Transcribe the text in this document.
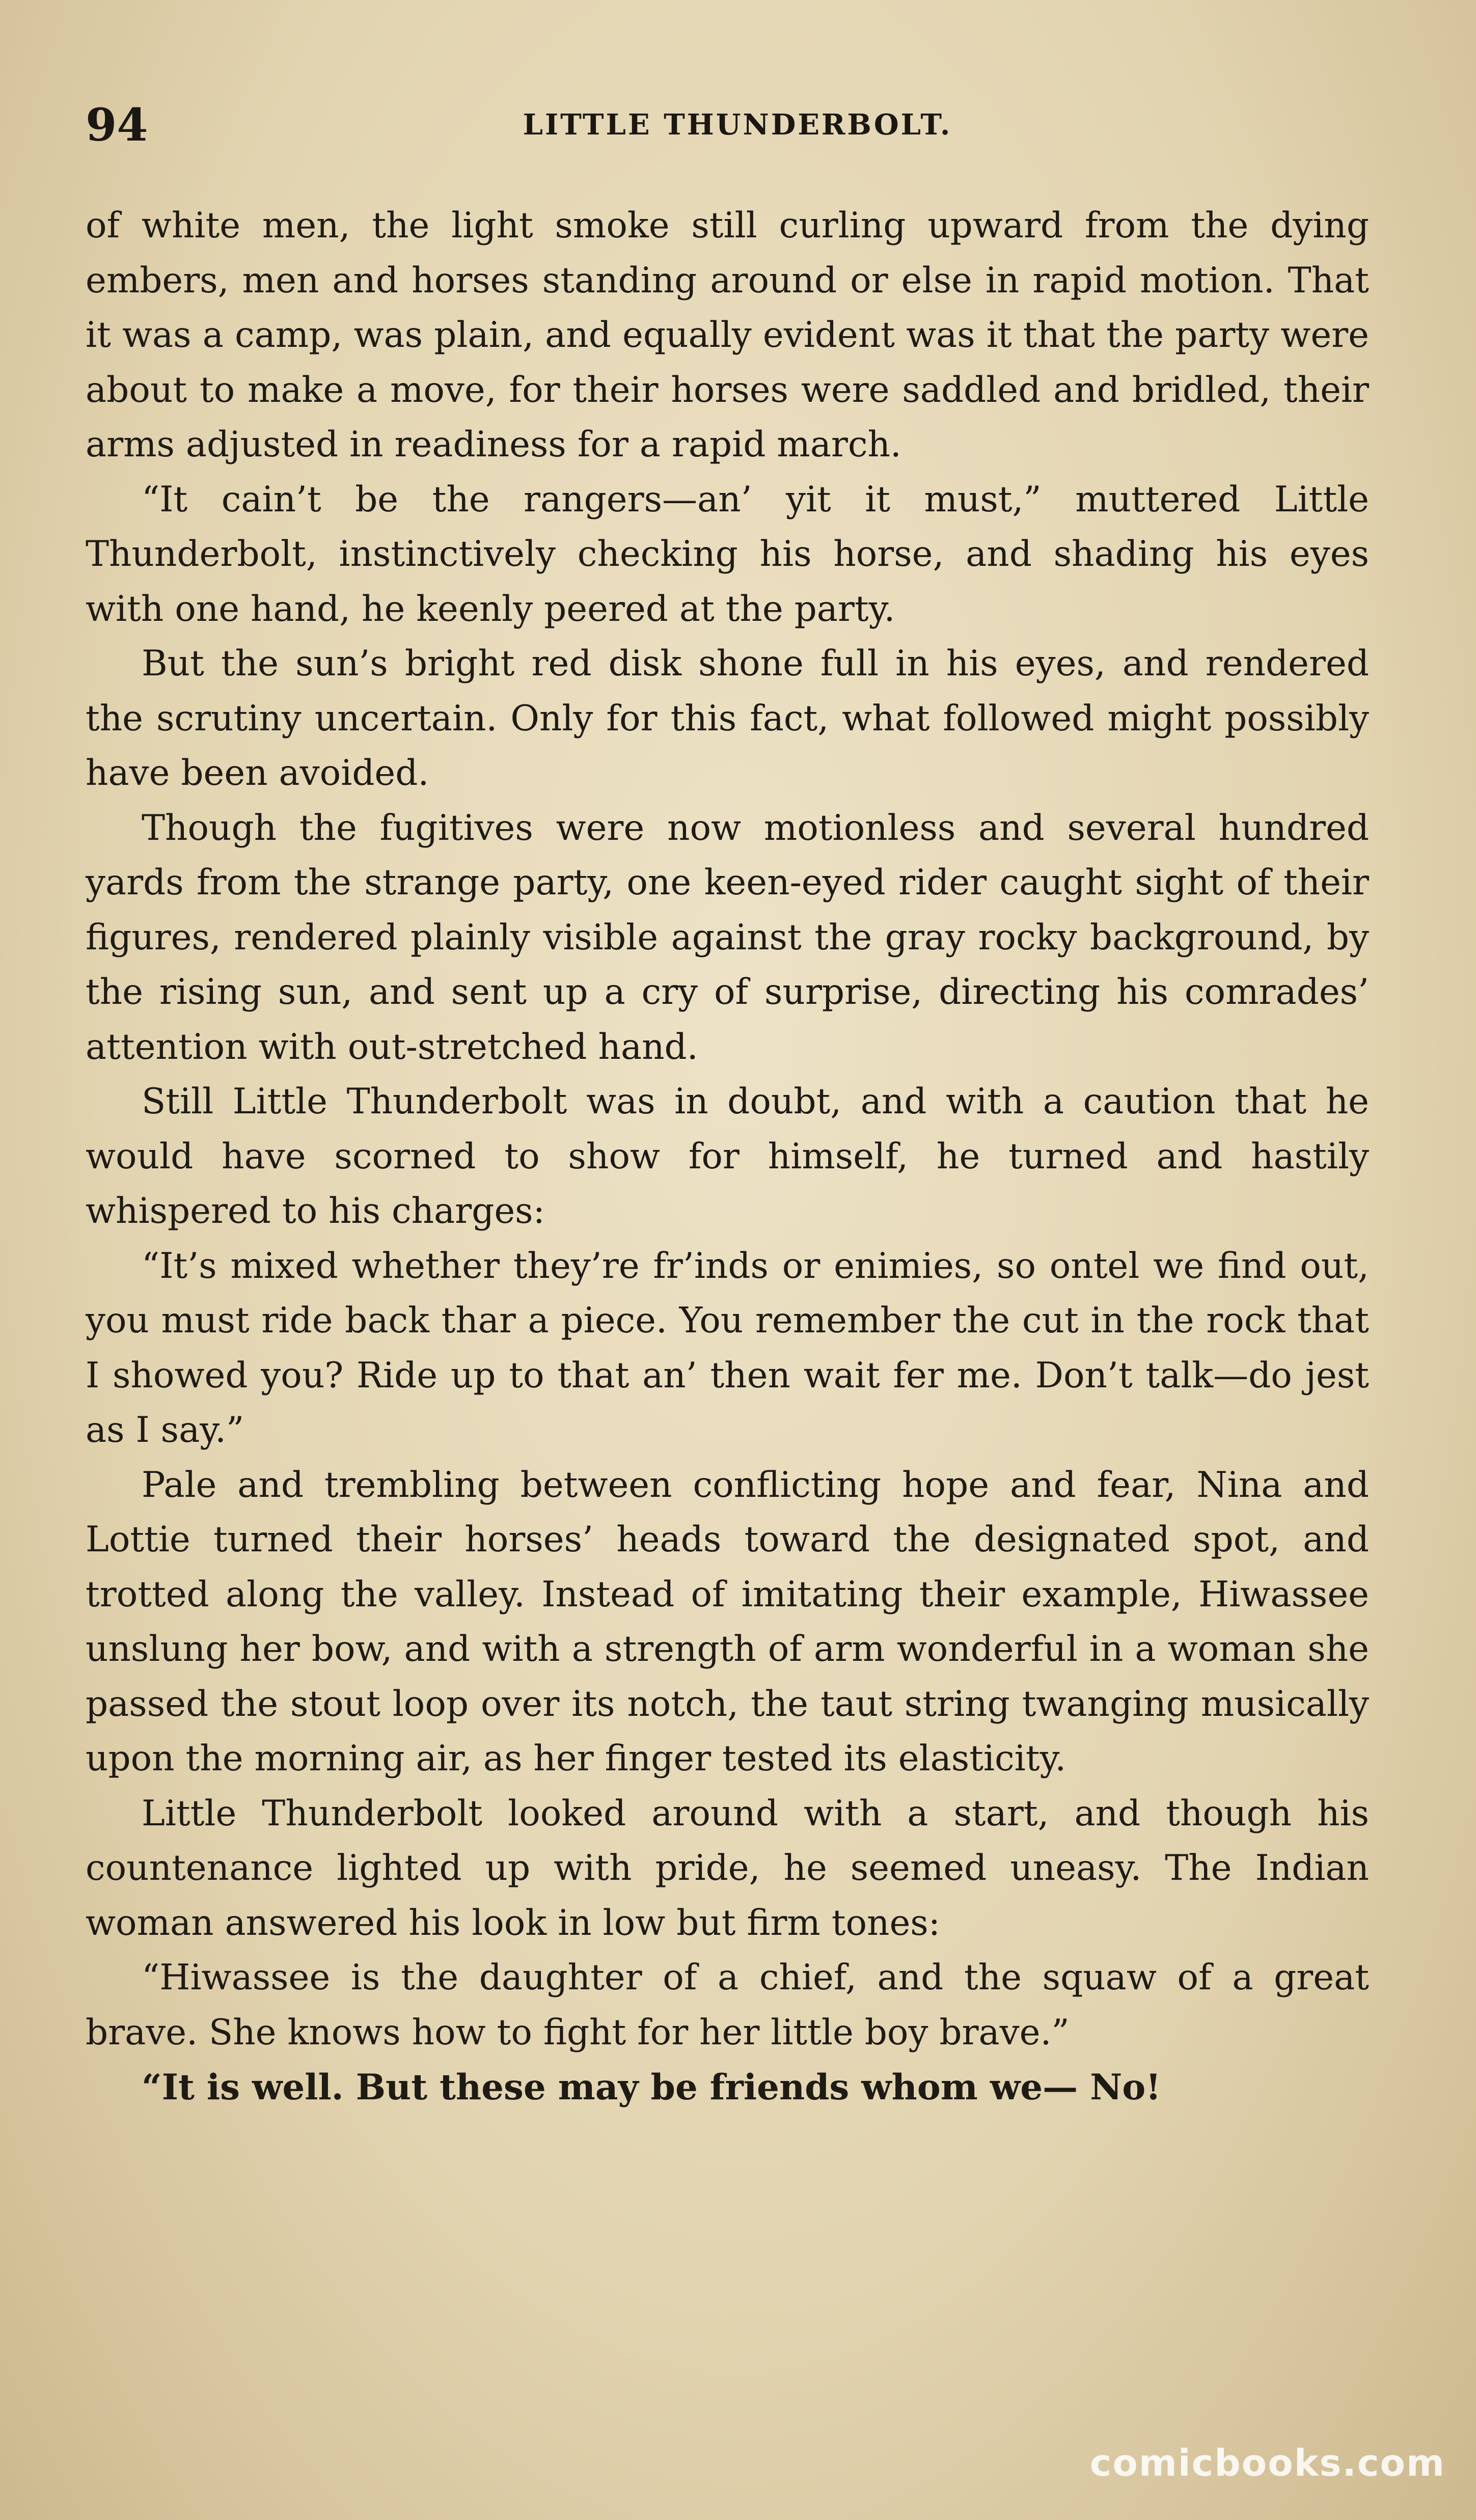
94	LITTLE THUNDERBOLT.

of white men, the light smoke still curling upward from the dying embers, men and horses standing around or else in rapid motion. That it was a camp, was plain, and equally evident was it that the party were about to make a move, for their horses were saddled and bridled, their arms adjusted in readiness for a rapid march.

“It cain’t be the rangers—an’ yit it must,” muttered Little Thunderbolt, instinctively checking his horse, and shading his eyes with one hand, he keenly peered at the party.

But the sun’s bright red disk shone full in his eyes, and rendered the scrutiny uncertain. Only for this fact, what followed might possibly have been avoided.

Though the fugitives were now motionless and several hundred yards from the strange party, one keen-eyed rider caught sight of their figures, rendered plainly visible against the gray rocky background, by the rising sun, and sent up a cry of surprise, directing his comrades’ attention with out-stretched hand.

Still Little Thunderbolt was in doubt, and with a caution that he would have scorned to show for himself, he turned and hastily whispered to his charges:

“It’s mixed whether they’re fr’inds or enimies, so ontel we find out, you must ride back thar a piece. You remember the cut in the rock that I showed you? Ride up to that an’ then wait fer me. Don’t talk—do jest as I say.”

Pale and trembling between conflicting hope and fear, Nina and Lottie turned their horses’ heads toward the designated spot, and trotted along the valley. Instead of imitating their example, Hiwassee unslung her bow, and with a strength of arm wonderful in a woman she passed the stout loop over its notch, the taut string twanging musically upon the morning air, as her finger tested its elasticity.

Little Thunderbolt looked around with a start, and though his countenance lighted up with pride, he seemed uneasy. The Indian woman answered his look in low but firm tones:

“Hiwassee is the daughter of a chief, and the squaw of a great brave. She knows how to fight for her little boy brave.”

“It is well. But these may be friends whom we— No!

comicbooks.com
